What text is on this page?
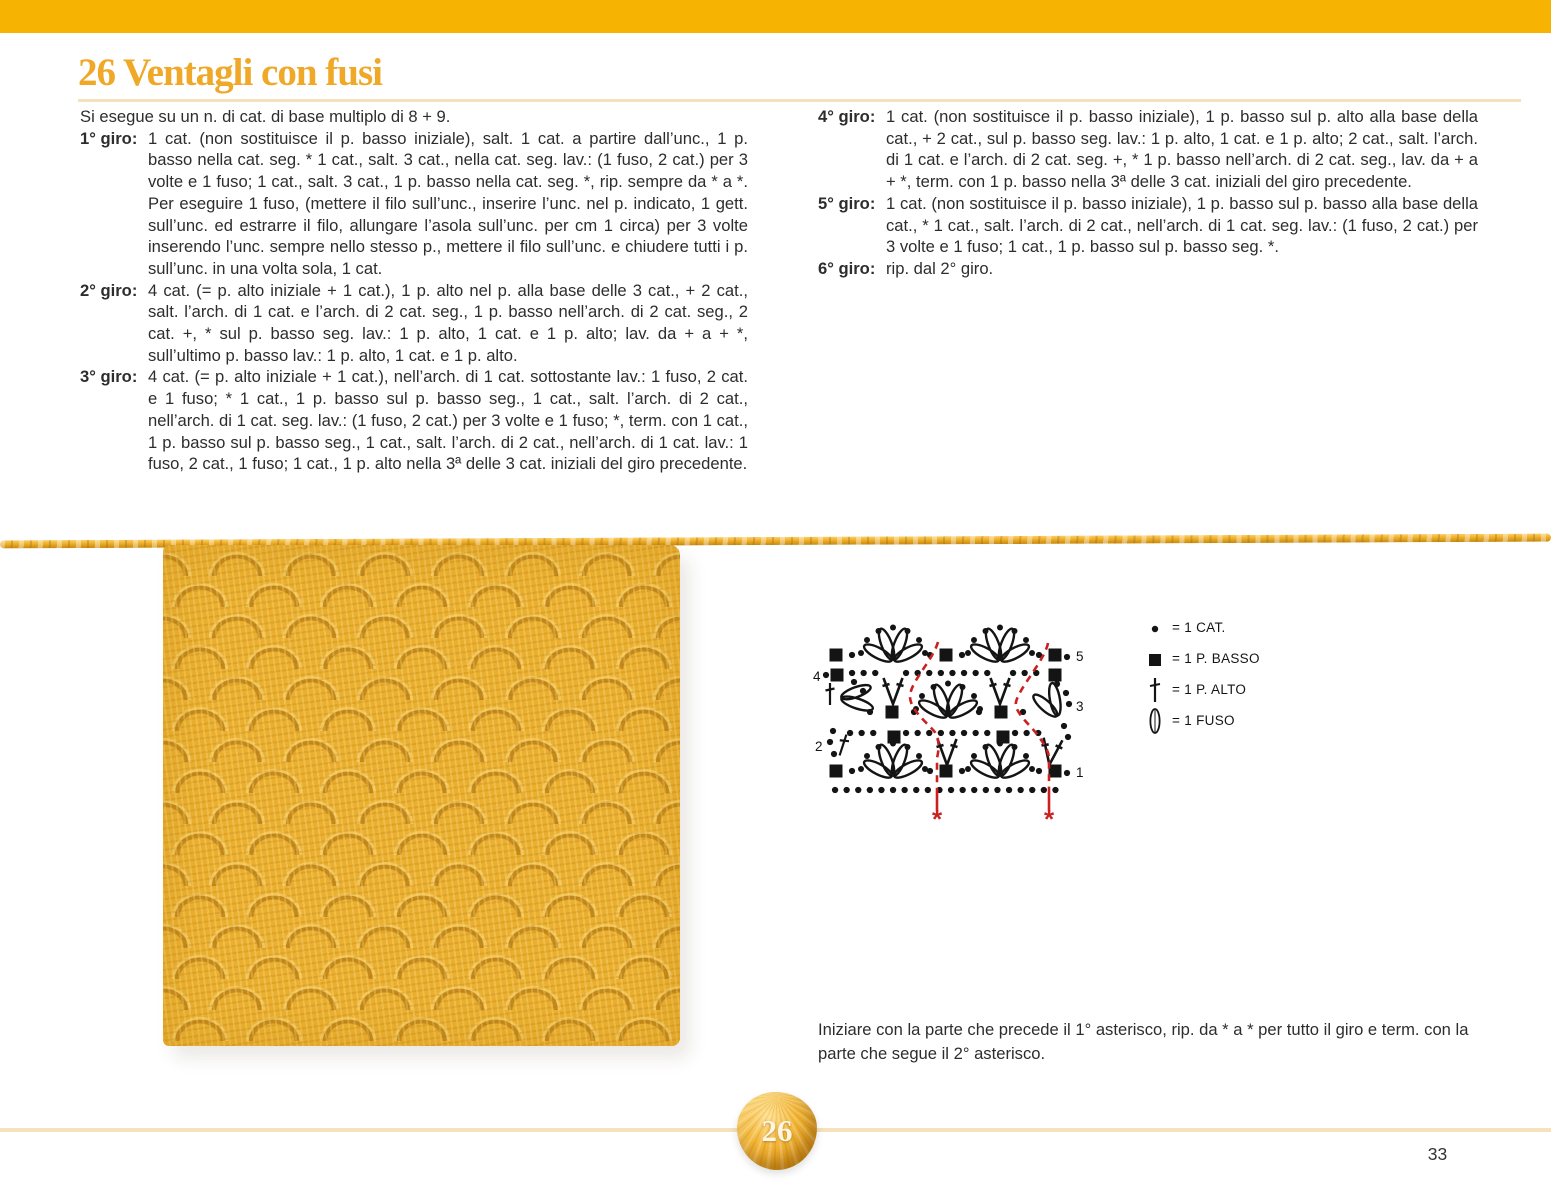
26 Ventagli con fusi

Si esegue su un n. di cat. di base multiplo di 8 + 9.

1° giro: 1 cat. (non sostituisce il p. basso iniziale), salt. 1 cat. a partire dall’unc., 1 p. basso nella cat. seg. * 1 cat., salt. 3 cat., nella cat. seg. lav.: (1 fuso, 2 cat.) per 3 volte e 1 fuso; 1 cat., salt. 3 cat., 1 p. basso nella cat. seg. *, rip. sempre da * a *. Per eseguire 1 fuso, (mettere il filo sull’unc., inserire l’unc. nel p. indicato, 1 gett. sull’unc. ed estrarre il filo, allungare l’asola sull’unc. per cm 1 circa) per 3 volte inserendo l’unc. sempre nello stesso p., mettere il filo sull’unc. e chiudere tutti i p. sull’unc. in una volta sola, 1 cat.

2° giro: 4 cat. (= p. alto iniziale + 1 cat.), 1 p. alto nel p. alla base delle 3 cat., + 2 cat., salt. l’arch. di 1 cat. e l’arch. di 2 cat. seg., 1 p. basso nell’arch. di 2 cat. seg., 2 cat. +, * sul p. basso seg. lav.: 1 p. alto, 1 cat. e 1 p. alto; lav. da + a + *, sull’ultimo p. basso lav.: 1 p. alto, 1 cat. e 1 p. alto.

3° giro: 4 cat. (= p. alto iniziale + 1 cat.), nell’arch. di 1 cat. sottostante lav.: 1 fuso, 2 cat. e 1 fuso; * 1 cat., 1 p. basso sul p. basso seg., 1 cat., salt. l’arch. di 2 cat., nell’arch. di 1 cat. seg. lav.: (1 fuso, 2 cat.) per 3 volte e 1 fuso; *, term. con 1 cat., 1 p. basso sul p. basso seg., 1 cat., salt. l’arch. di 2 cat., nell’arch. di 1 cat. lav.: 1 fuso, 2 cat., 1 fuso; 1 cat., 1 p. alto nella 3ª delle 3 cat. iniziali del giro precedente.

4° giro: 1 cat. (non sostituisce il p. basso iniziale), 1 p. basso sul p. alto alla base della cat., + 2 cat., sul p. basso seg. lav.: 1 p. alto, 1 cat. e 1 p. alto; 2 cat., salt. l’arch. di 1 cat. e l’arch. di 2 cat. seg. +, * 1 p. basso nell’arch. di 2 cat. seg., lav. da + a + *, term. con 1 p. basso nella 3ª delle 3 cat. iniziali del giro precedente.

5° giro: 1 cat. (non sostituisce il p. basso iniziale), 1 p. basso sul p. basso alla base della cat., * 1 cat., salt. l’arch. di 2 cat., nell’arch. di 1 cat. seg. lav.: (1 fuso, 2 cat.) per 3 volte e 1 fuso; 1 cat., 1 p. basso sul p. basso seg. *.

6° giro: rip. dal 2° giro.

*	*
1
2
3
4
5
= 1 CAT.
= 1 P. BASSO
= 1 P. ALTO
= 1 FUSO

Iniziare con la parte che precede il 1° asterisco, rip. da * a * per tutto il giro e term. con la parte che segue il 2° asterisco.

26
33
